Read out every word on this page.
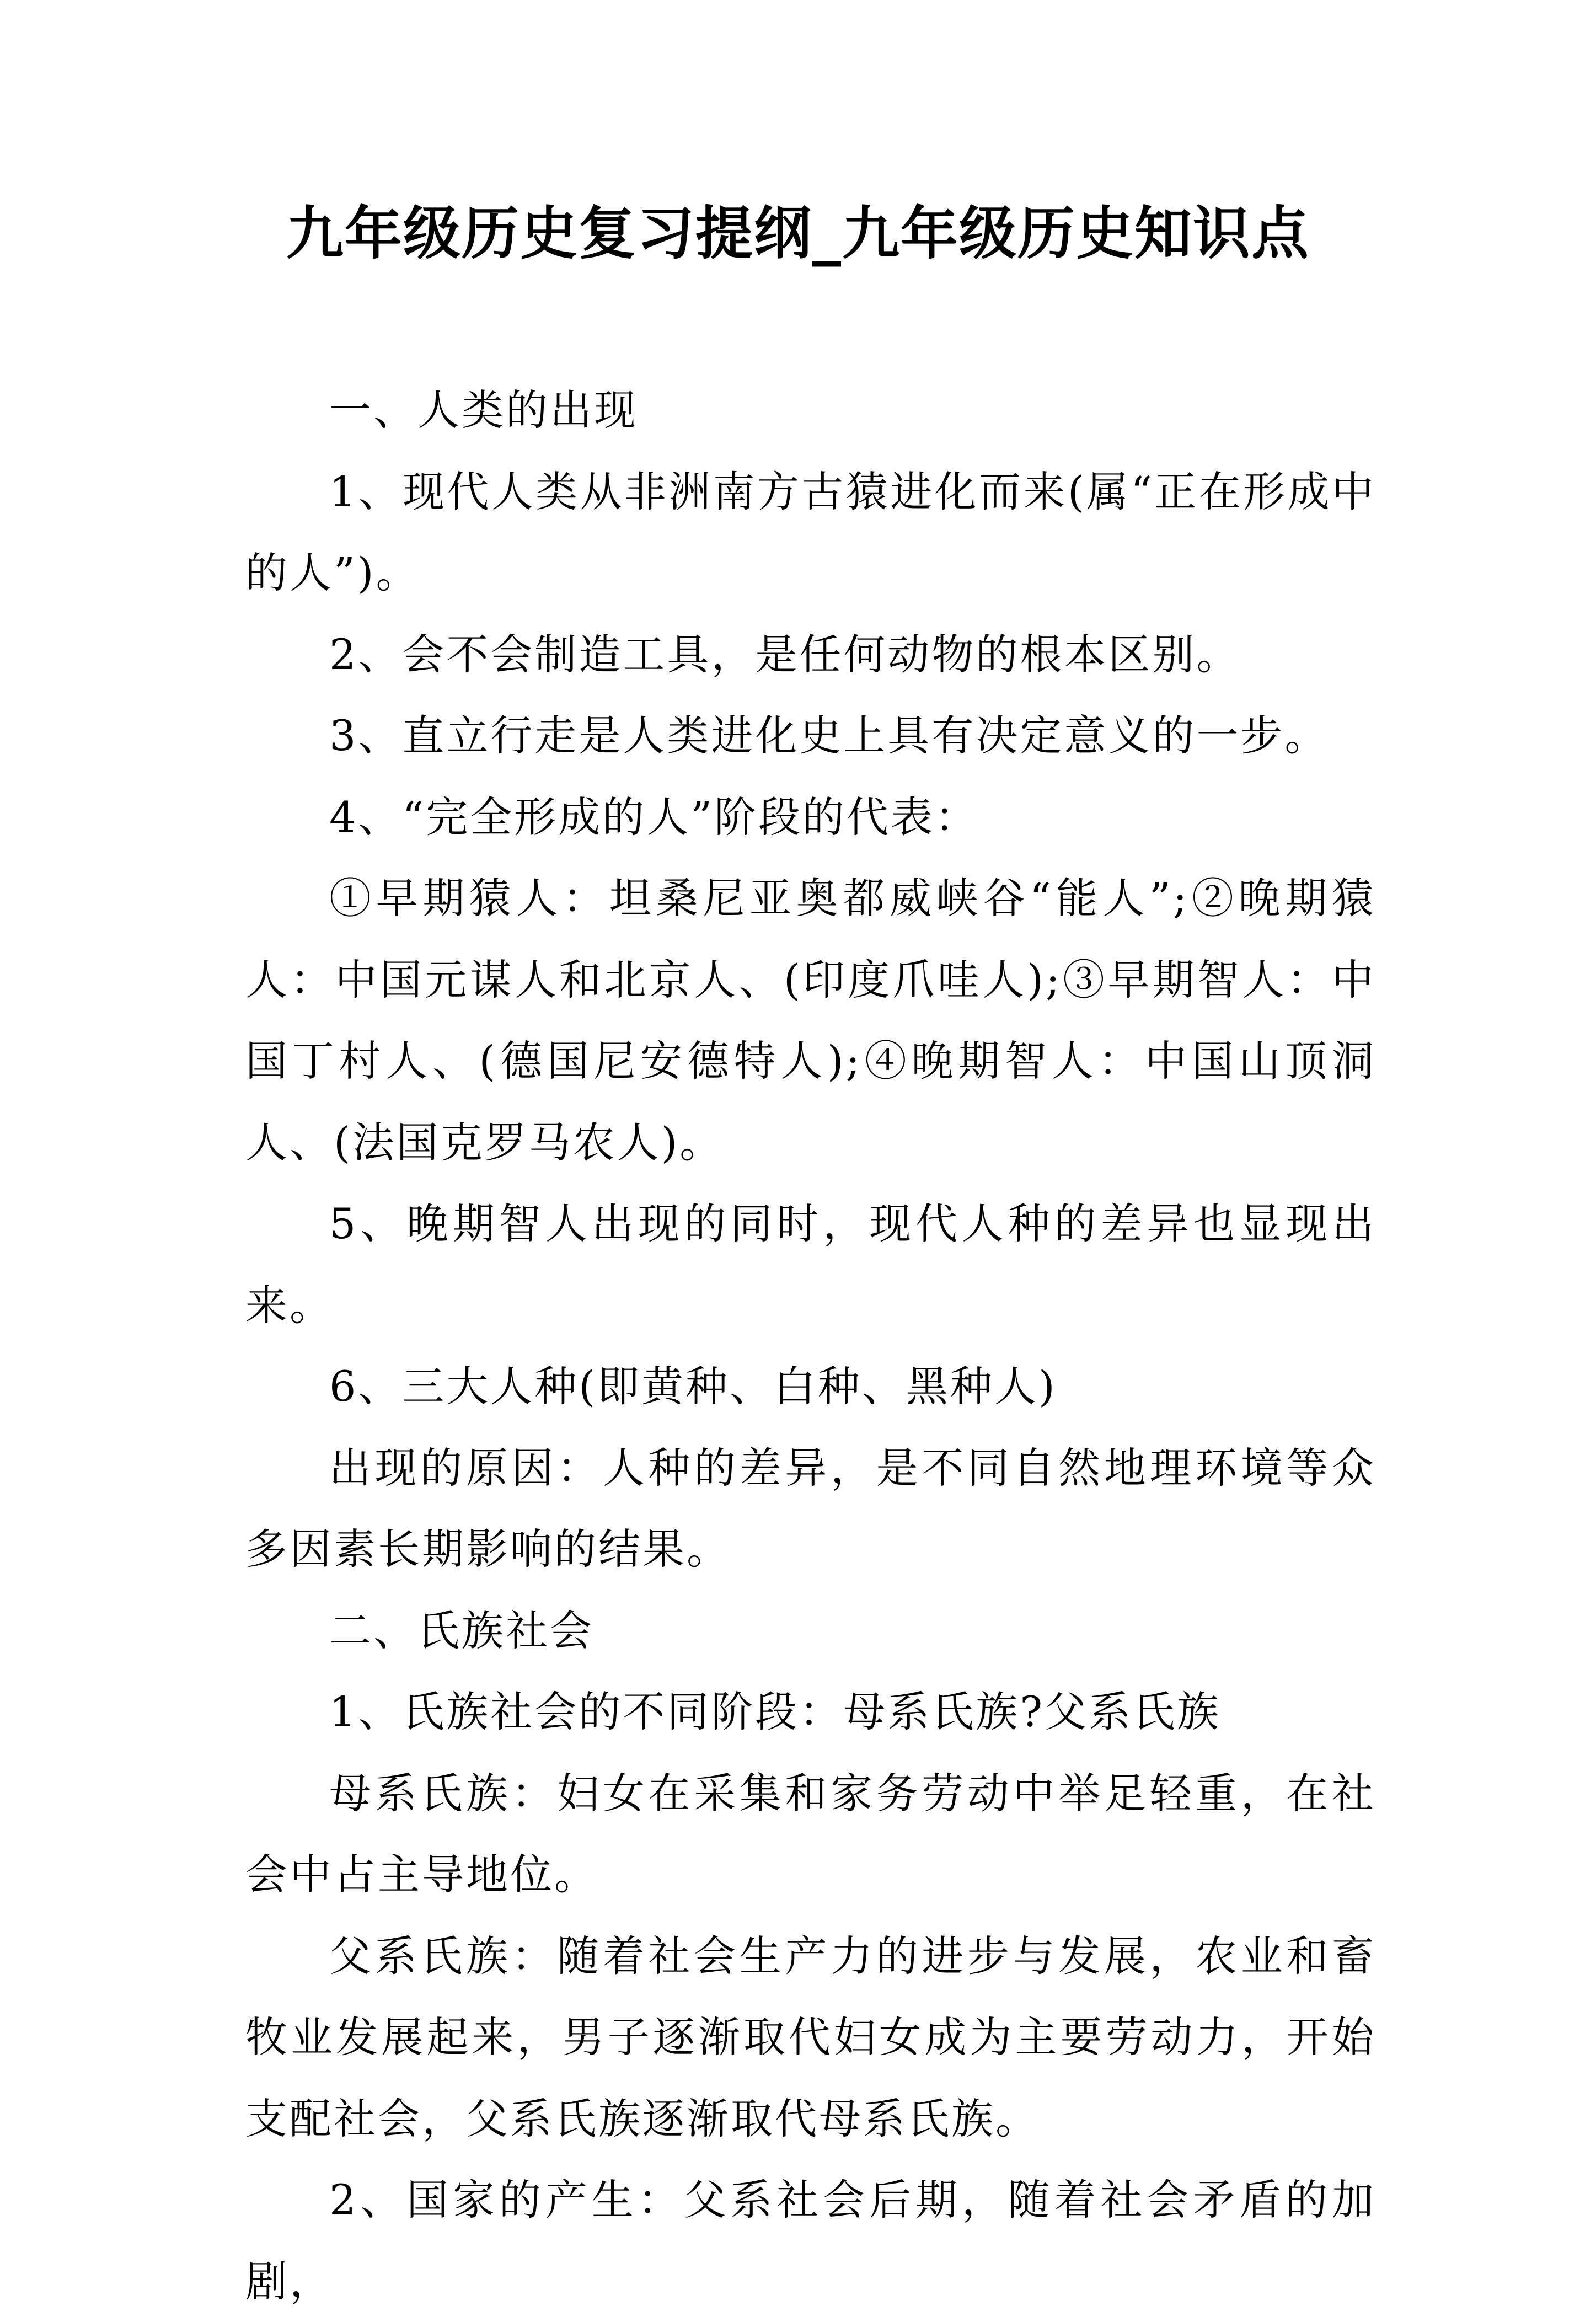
九年级历史复习提纲_九年级历史知识点

一、人类的出现

1、现代人类从非洲南方古猿进化而来(属“正在形成中的人”)。

2、会不会制造工具，是任何动物的根本区别。

3、直立行走是人类进化史上具有决定意义的一步。

4、“完全形成的人”阶段的代表：

①早期猿人：坦桑尼亚奥都威峡谷“能人”;②晚期猿人：中国元谋人和北京人、(印度爪哇人);③早期智人：中国丁村人、(德国尼安德特人);④晚期智人：中国山顶洞人、(法国克罗马农人)。

5、晚期智人出现的同时，现代人种的差异也显现出来。

6、三大人种(即黄种、白种、黑种人)

出现的原因：人种的差异，是不同自然地理环境等众多因素长期影响的结果。

二、氏族社会

1、氏族社会的不同阶段：母系氏族?父系氏族

母系氏族：妇女在采集和家务劳动中举足轻重，在社会中占主导地位。

父系氏族：随着社会生产力的进步与发展，农业和畜牧业发展起来，男子逐渐取代妇女成为主要劳动力，开始支配社会，父系氏族逐渐取代母系氏族。

2、国家的产生：父系社会后期，随着社会矛盾的加剧，
